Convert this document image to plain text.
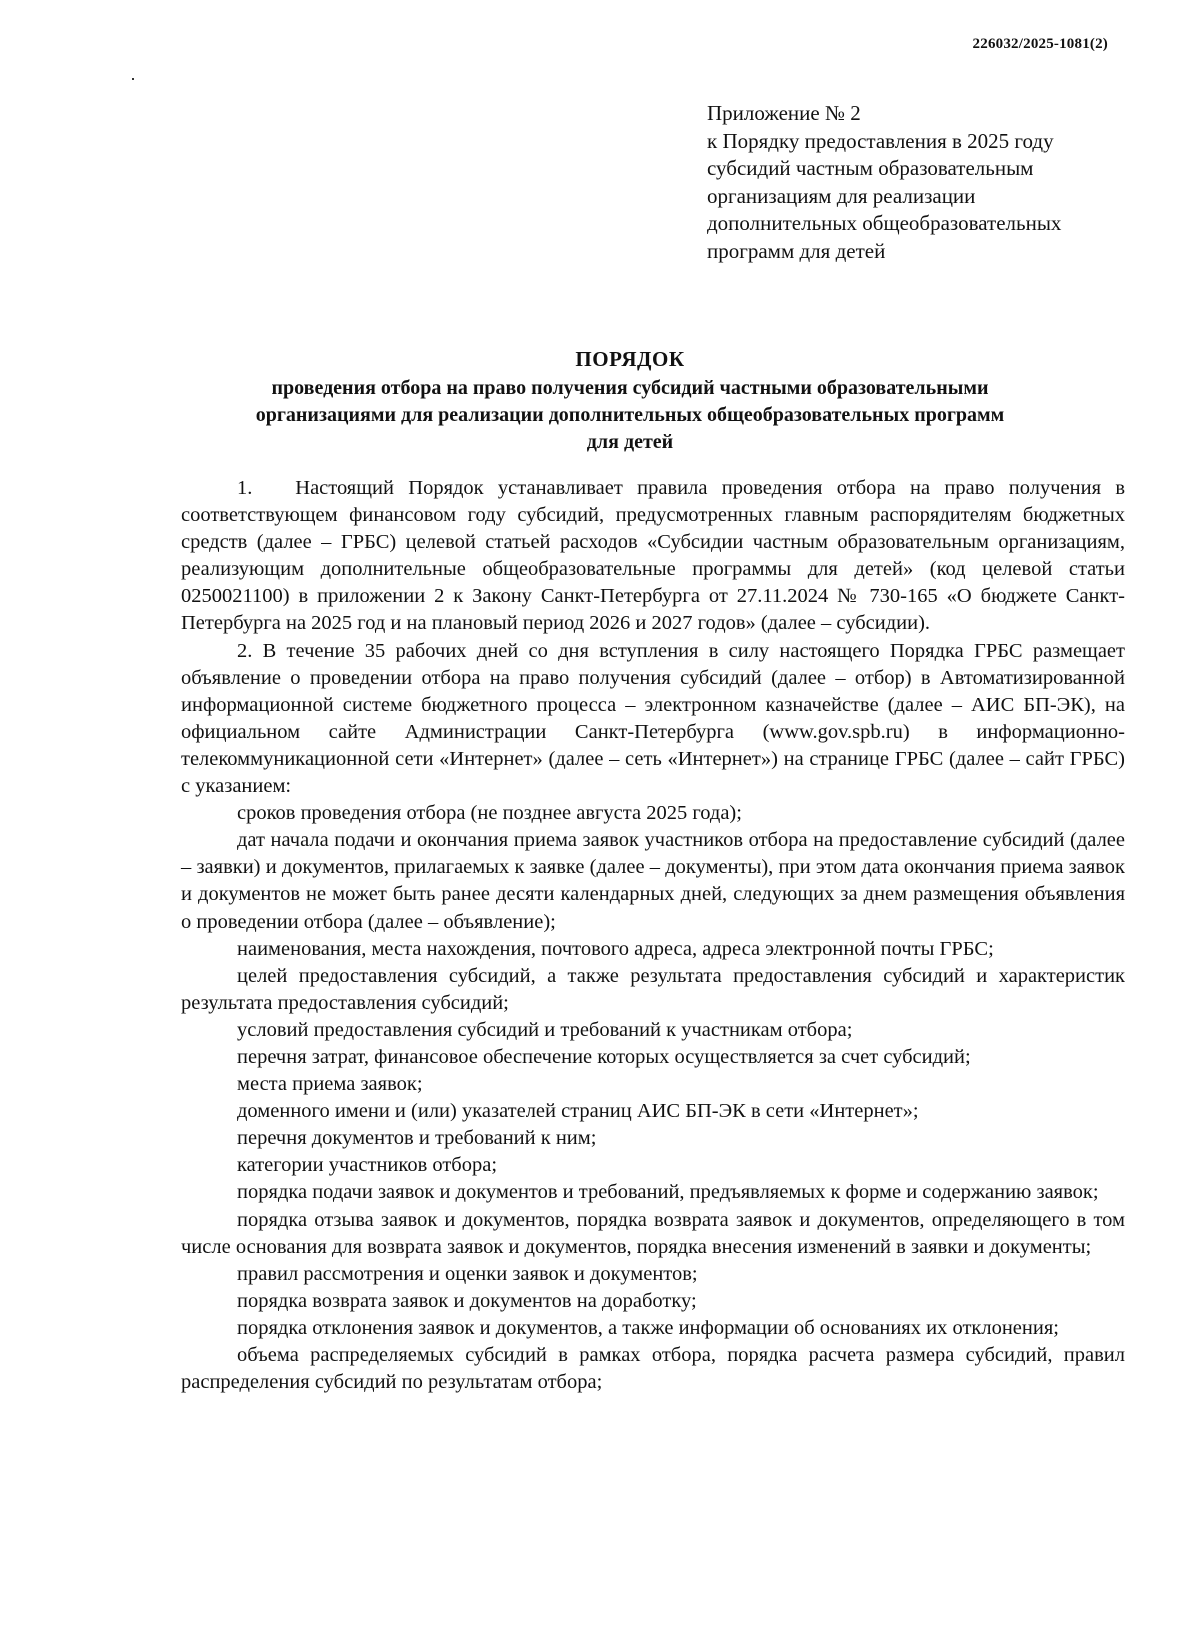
226032/2025-1081(2)
Приложение № 2
к Порядку предоставления в 2025 году
субсидий частным образовательным
организациям для реализации
дополнительных общеобразовательных
программ для детей
ПОРЯДОК
проведения отбора на право получения субсидий частными образовательными
организациями для реализации дополнительных общеобразовательных программ
для детей

1.   Настоящий Порядок устанавливает правила проведения отбора на право получения в соответствующем финансовом году субсидий, предусмотренных главным распорядителям бюджетных средств (далее – ГРБС) целевой статьей расходов «Субсидии частным образовательным организациям, реализующим дополнительные общеобразовательные программы для детей» (код целевой статьи 0250021100) в приложении 2 к Закону Санкт-Петербурга от 27.11.2024 № 730-165 «О бюджете Санкт-Петербурга на 2025 год и на плановый период 2026 и 2027 годов» (далее – субсидии).

2. В течение 35 рабочих дней со дня вступления в силу настоящего Порядка ГРБС размещает объявление о проведении отбора на право получения субсидий (далее – отбор) в Автоматизированной информационной системе бюджетного процесса – электронном казначействе (далее – АИС БП-ЭК), на официальном сайте Администрации Санкт-Петербурга (www.gov.spb.ru) в информационно-телекоммуникационной сети «Интернет» (далее – сеть «Интернет») на странице ГРБС (далее – сайт ГРБС) с указанием:

сроков проведения отбора (не позднее августа 2025 года);

дат начала подачи и окончания приема заявок участников отбора на предоставление субсидий (далее – заявки) и документов, прилагаемых к заявке (далее – документы), при этом дата окончания приема заявок и документов не может быть ранее десяти календарных дней, следующих за днем размещения объявления о проведении отбора (далее – объявление);

наименования, места нахождения, почтового адреса, адреса электронной почты ГРБС;

целей предоставления субсидий, а также результата предоставления субсидий и характеристик результата предоставления субсидий;

условий предоставления субсидий и требований к участникам отбора;

перечня затрат, финансовое обеспечение которых осуществляется за счет субсидий;

места приема заявок;

доменного имени и (или) указателей страниц АИС БП-ЭК в сети «Интернет»;

перечня документов и требований к ним;

категории участников отбора;

порядка подачи заявок и документов и требований, предъявляемых к форме и содержанию заявок;

порядка отзыва заявок и документов, порядка возврата заявок и документов, определяющего в том числе основания для возврата заявок и документов, порядка внесения изменений в заявки и документы;

правил рассмотрения и оценки заявок и документов;

порядка возврата заявок и документов на доработку;

порядка отклонения заявок и документов, а также информации об основаниях их отклонения;

объема распределяемых субсидий в рамках отбора, порядка расчета размера субсидий, правил распределения субсидий по результатам отбора;
